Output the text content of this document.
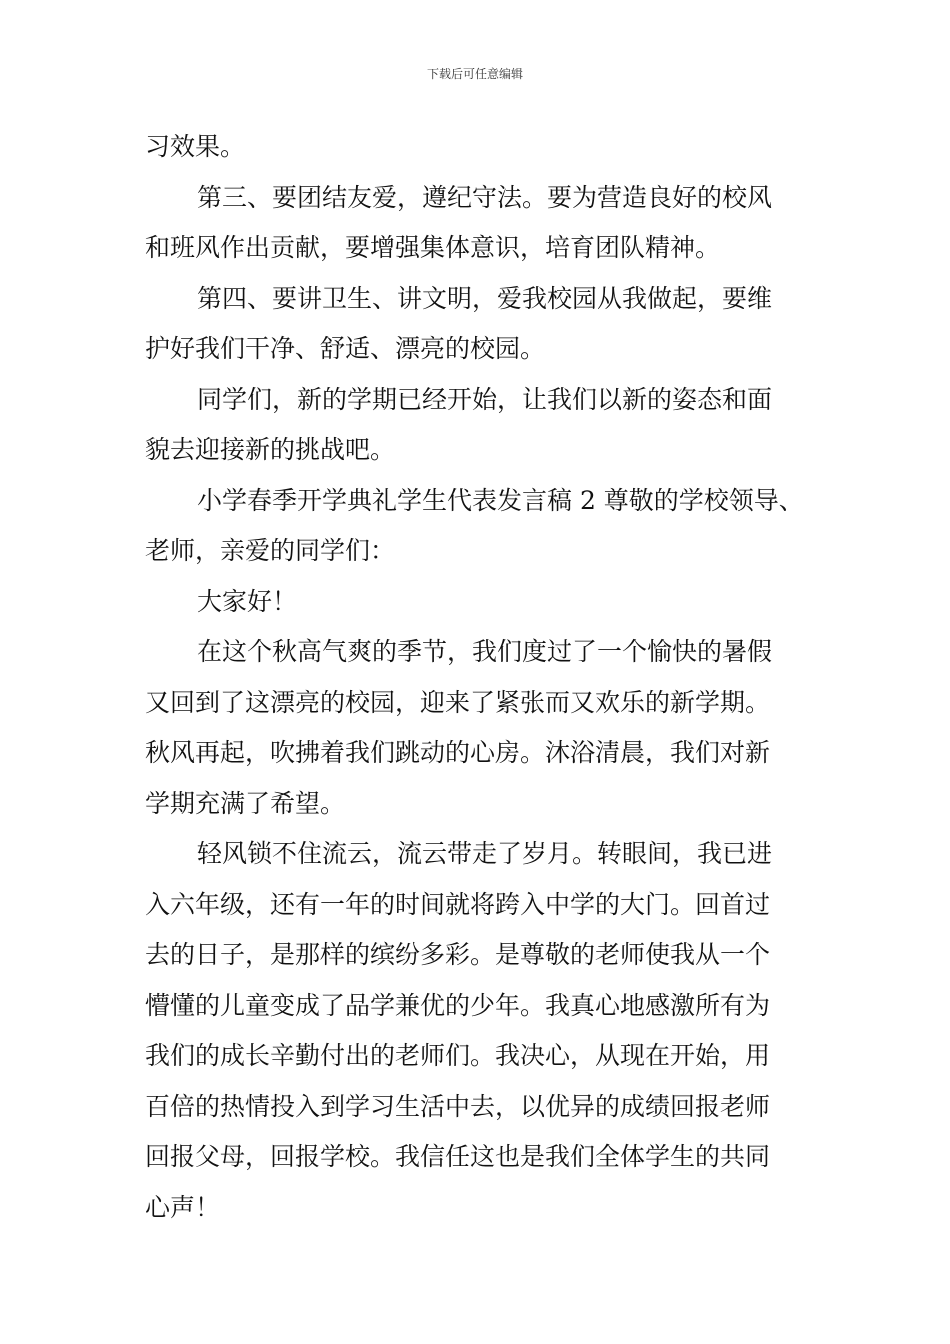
下载后可任意编辑
习效果。
第三、要团结友爱，遵纪守法。要为营造良好的校风
和班风作出贡献，要增强集体意识，培育团队精神。
第四、要讲卫生、讲文明，爱我校园从我做起，要维
护好我们干净、舒适、漂亮的校园。
同学们，新的学期已经开始，让我们以新的姿态和面
貌去迎接新的挑战吧。
小学春季开学典礼学生代表发言稿 2 尊敬的学校领导、
老师，亲爱的同学们：
大家好！
在这个秋高气爽的季节，我们度过了一个愉快的暑假
又回到了这漂亮的校园，迎来了紧张而又欢乐的新学期。
秋风再起，吹拂着我们跳动的心房。沐浴清晨，我们对新
学期充满了希望。
轻风锁不住流云，流云带走了岁月。转眼间，我已进
入六年级，还有一年的时间就将跨入中学的大门。回首过
去的日子，是那样的缤纷多彩。是尊敬的老师使我从一个
懵懂的儿童变成了品学兼优的少年。我真心地感激所有为
我们的成长辛勤付出的老师们。我决心，从现在开始，用
百倍的热情投入到学习生活中去，以优异的成绩回报老师
回报父母，回报学校。我信任这也是我们全体学生的共同
心声！
